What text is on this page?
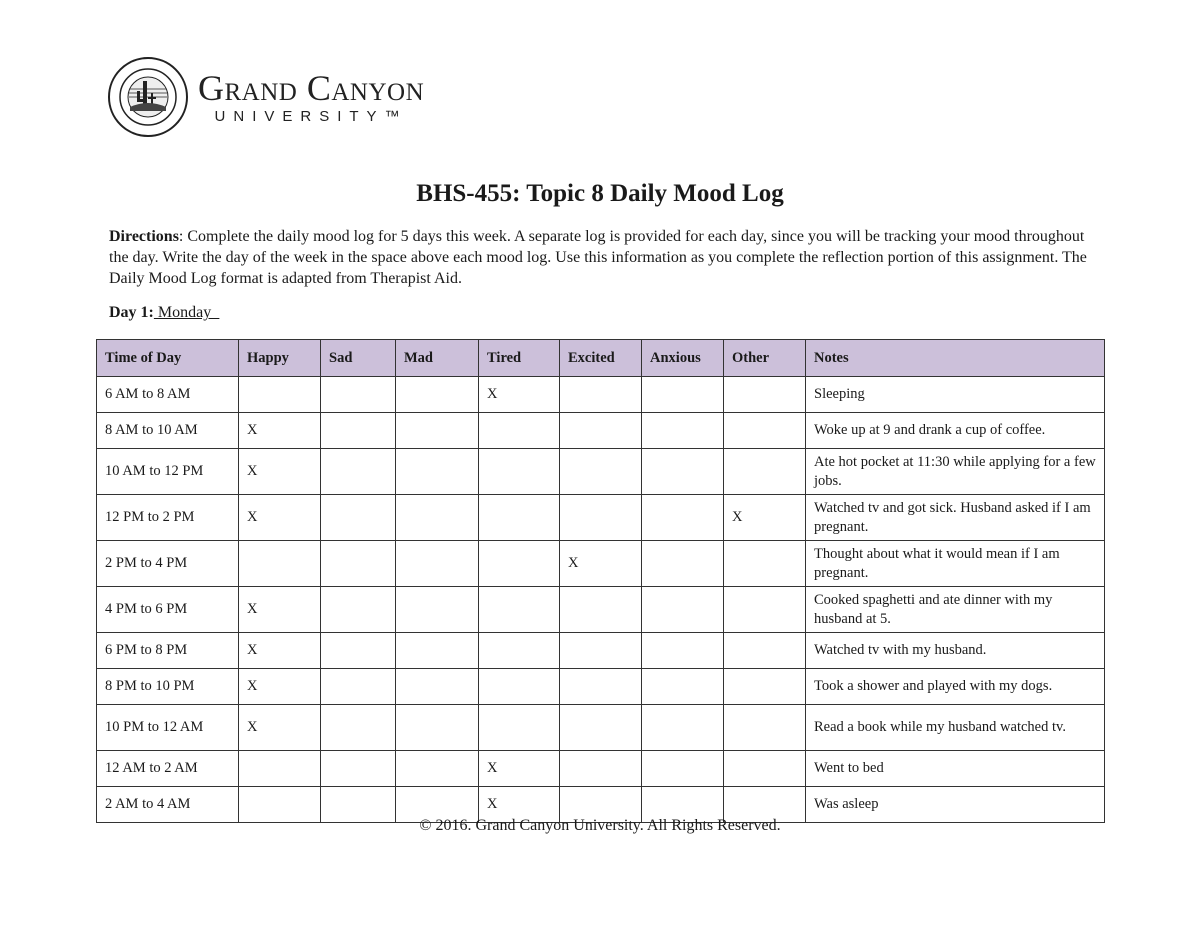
Grand Canyon
UNIVERSITY™
BHS-455: Topic 8 Daily Mood Log
Directions: Complete the daily mood log for 5 days this week. A separate log is provided for each day, since you will be tracking your mood throughout the day. Write the day of the week in the space above each mood log. Use this information as you complete the reflection portion of this assignment. The Daily Mood Log format is adapted from Therapist Aid.
Day 1: Monday_
Time of Day	Happy	Sad	Mad	Tired	Excited	Anxious	Other	Notes
6 AM to 8 AM				X				Sleeping
8 AM to 10 AM	X							Woke up at 9 and drank a cup of coffee.
10 AM to 12 PM	X							Ate hot pocket at 11:30 while applying for a few jobs.
12 PM to 2 PM	X						X	Watched tv and got sick. Husband asked if I am pregnant.
2 PM to 4 PM					X			Thought about what it would mean if I am pregnant.
4 PM to 6 PM	X							Cooked spaghetti and ate dinner with my husband at 5.
6 PM to 8 PM	X							Watched tv with my husband.
8 PM to 10 PM	X							Took a shower and played with my dogs.
10 PM to 12 AM	X							Read a book while my husband watched tv.
12 AM to 2 AM				X				Went to bed
2 AM to 4 AM				X				Was asleep
© 2016. Grand Canyon University. All Rights Reserved.
